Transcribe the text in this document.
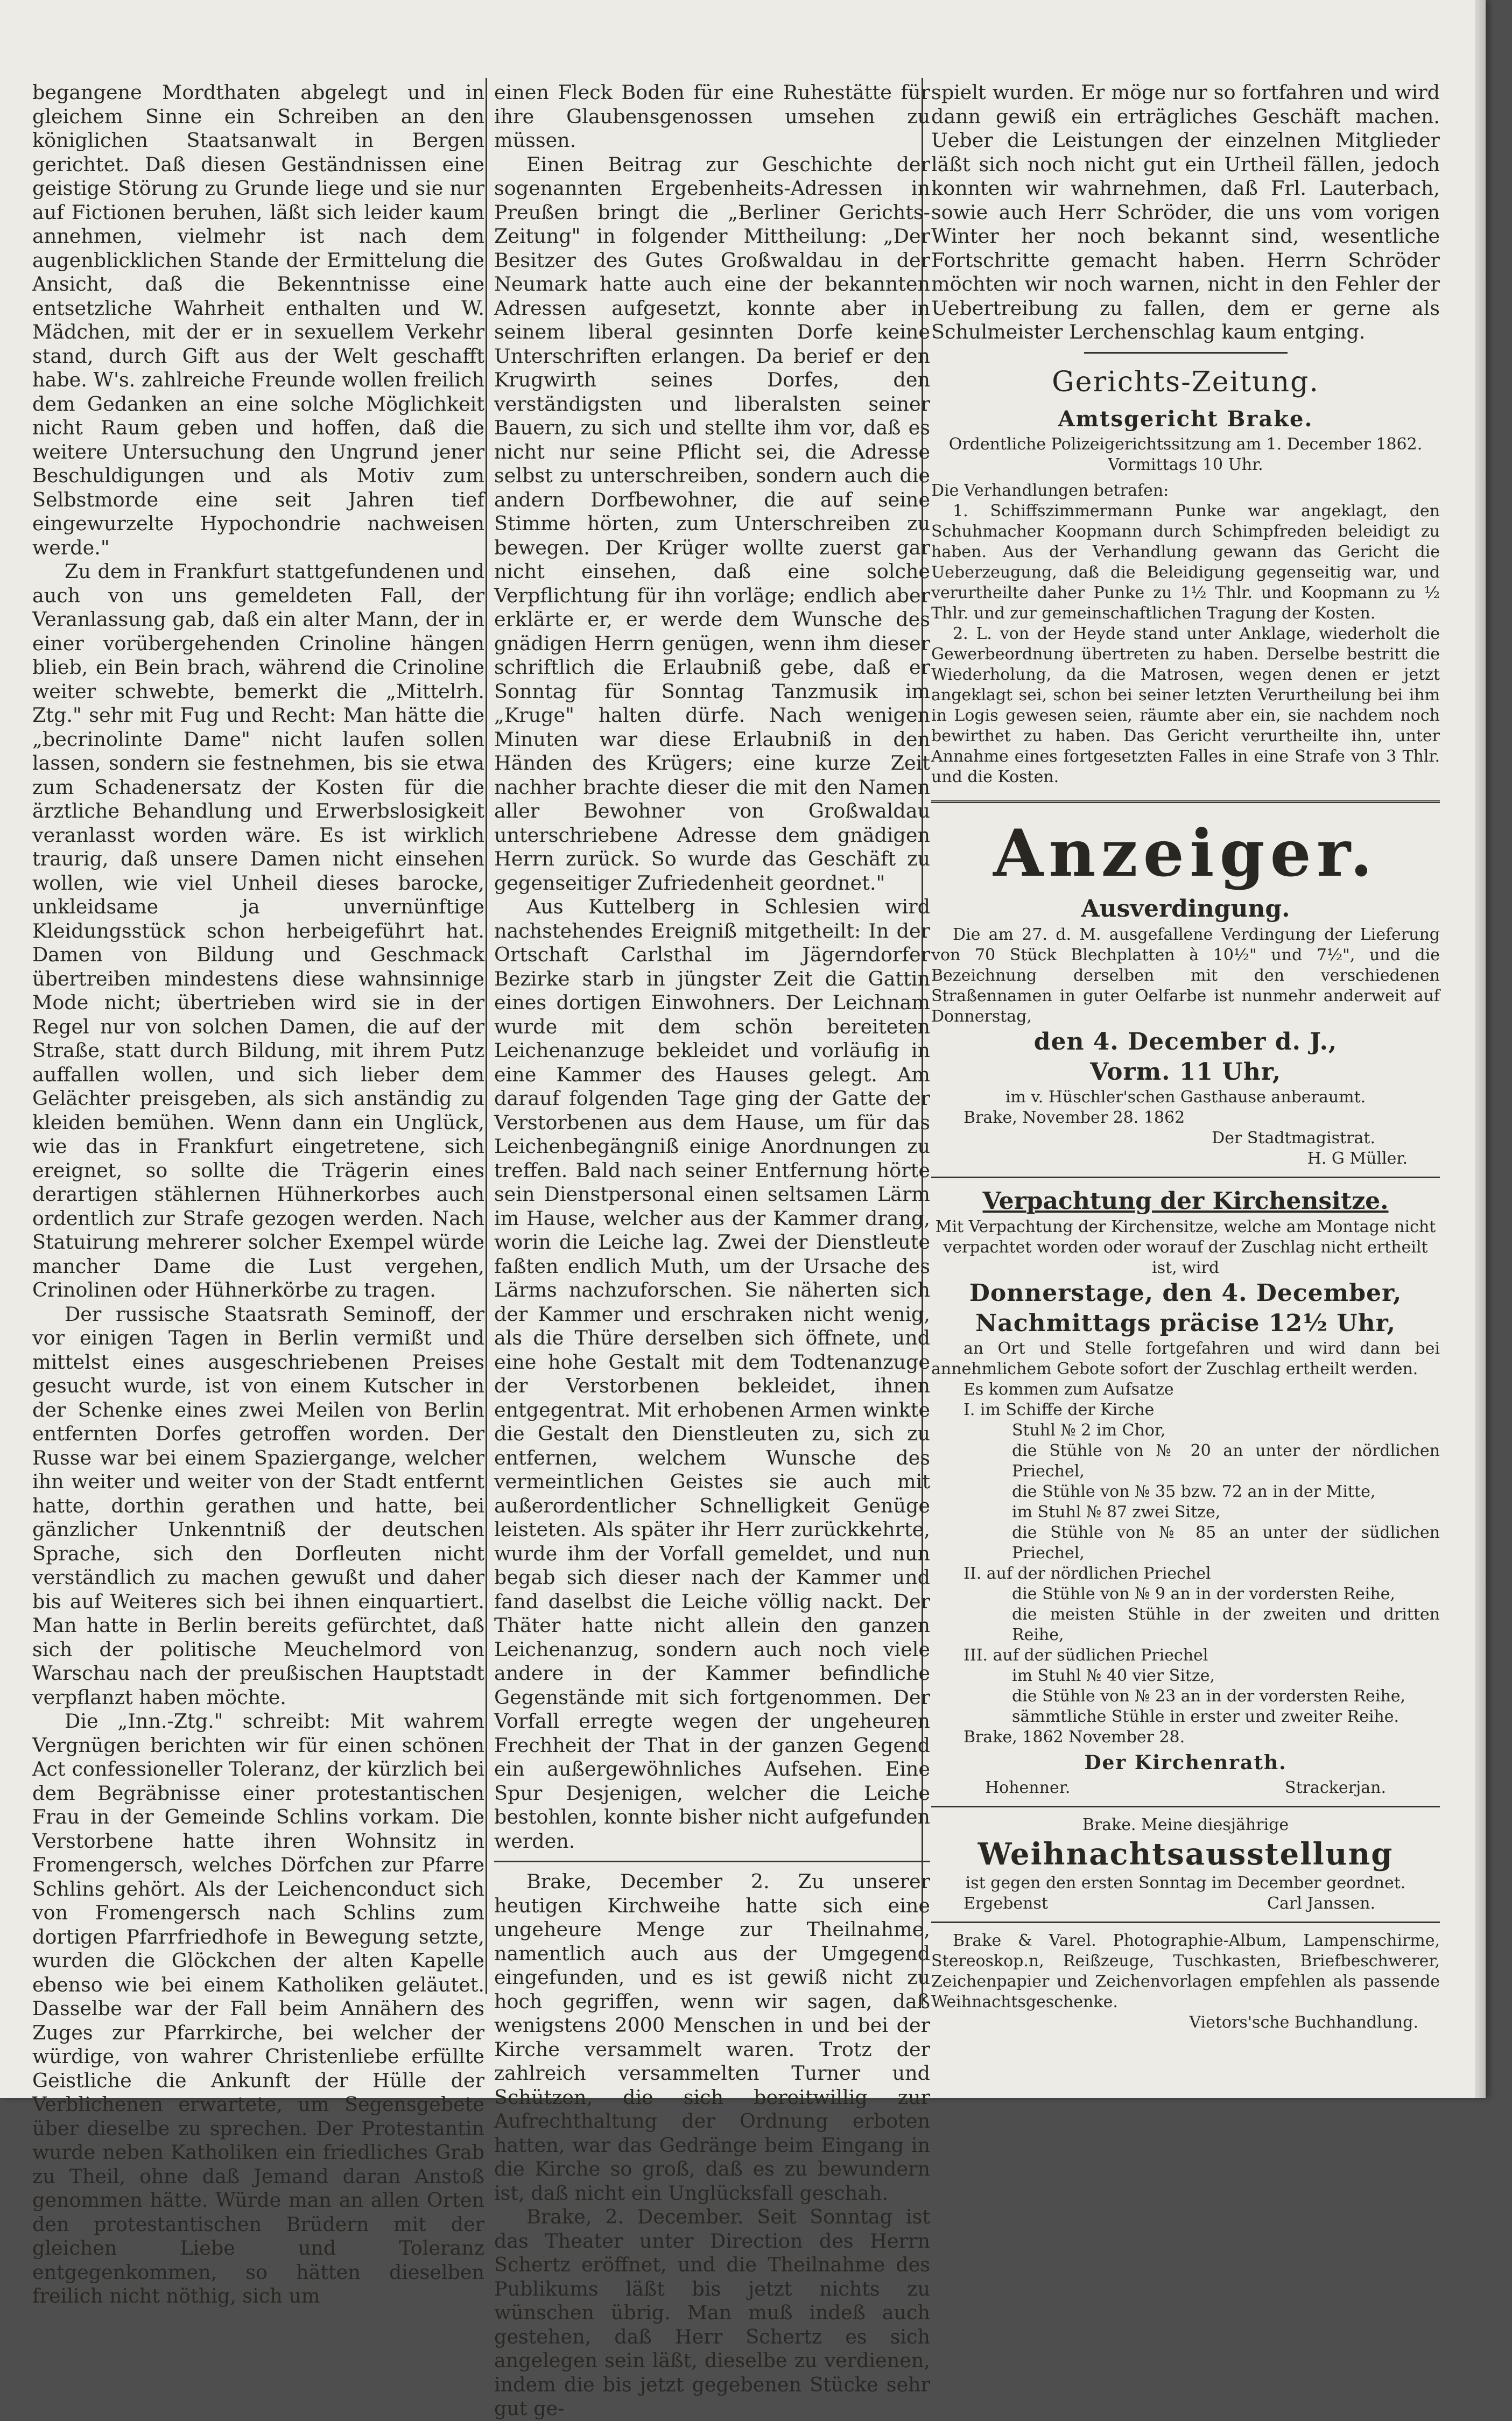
begangene Mordthaten abgelegt und in gleichem Sinne ein Schreiben an den königlichen Staatsanwalt in Bergen gerichtet. Daß diesen Geständnissen eine geistige Störung zu Grunde liege und sie nur auf Fictionen beruhen, läßt sich leider kaum annehmen, vielmehr ist nach dem augenblicklichen Stande der Ermittelung die Ansicht, daß die Bekenntnisse eine entsetzliche Wahrheit enthalten und W. Mädchen, mit der er in sexuellem Verkehr stand, durch Gift aus der Welt geschafft habe. W's. zahlreiche Freunde wollen freilich dem Gedanken an eine solche Möglichkeit nicht Raum geben und hoffen, daß die weitere Untersuchung den Ungrund jener Beschuldigungen und als Motiv zum Selbstmorde eine seit Jahren tief eingewurzelte Hypochondrie nachweisen werde."

Zu dem in Frankfurt stattgefundenen und auch von uns gemeldeten Fall, der Veranlassung gab, daß ein alter Mann, der in einer vorübergehenden Crinoline hängen blieb, ein Bein brach, während die Crinoline weiter schwebte, bemerkt die „Mittelrh. Ztg." sehr mit Fug und Recht: Man hätte die „becrinolinte Dame" nicht laufen sollen lassen, sondern sie festnehmen, bis sie etwa zum Schadenersatz der Kosten für die ärztliche Behandlung und Erwerbslosigkeit veranlasst worden wäre. Es ist wirklich traurig, daß unsere Damen nicht einsehen wollen, wie viel Unheil dieses barocke, unkleidsame ja unvernünftige Kleidungsstück schon herbeigeführt hat. Damen von Bildung und Geschmack übertreiben mindestens diese wahnsinnige Mode nicht; übertrieben wird sie in der Regel nur von solchen Damen, die auf der Straße, statt durch Bildung, mit ihrem Putz auffallen wollen, und sich lieber dem Gelächter preisgeben, als sich anständig zu kleiden bemühen. Wenn dann ein Unglück, wie das in Frankfurt eingetretene, sich ereignet, so sollte die Trägerin eines derartigen stählernen Hühnerkorbes auch ordentlich zur Strafe gezogen werden. Nach Statuirung mehrerer solcher Exempel würde mancher Dame die Lust vergehen, Crinolinen oder Hühnerkörbe zu tragen.

Der russische Staatsrath Seminoff, der vor einigen Tagen in Berlin vermißt und mittelst eines ausgeschriebenen Preises gesucht wurde, ist von einem Kutscher in der Schenke eines zwei Meilen von Berlin entfernten Dorfes getroffen worden. Der Russe war bei einem Spaziergange, welcher ihn weiter und weiter von der Stadt entfernt hatte, dorthin gerathen und hatte, bei gänzlicher Unkenntniß der deutschen Sprache, sich den Dorfleuten nicht verständlich zu machen gewußt und daher bis auf Weiteres sich bei ihnen einquartiert. Man hatte in Berlin bereits gefürchtet, daß sich der politische Meuchelmord von Warschau nach der preußischen Hauptstadt verpflanzt haben möchte.

Die „Inn.-Ztg." schreibt: Mit wahrem Vergnügen berichten wir für einen schönen Act confessioneller Toleranz, der kürzlich bei dem Begräbnisse einer protestantischen Frau in der Gemeinde Schlins vorkam. Die Verstorbene hatte ihren Wohnsitz in Fromengersch, welches Dörfchen zur Pfarre Schlins gehört. Als der Leichenconduct sich von Fromengersch nach Schlins zum dortigen Pfarrfriedhofe in Bewegung setzte, wurden die Glöckchen der alten Kapelle ebenso wie bei einem Katholiken geläutet. Dasselbe war der Fall beim Annähern des Zuges zur Pfarrkirche, bei welcher der würdige, von wahrer Christenliebe erfüllte Geistliche die Ankunft der Hülle der Verblichenen erwartete, um Segensgebete über dieselbe zu sprechen. Der Protestantin wurde neben Katholiken ein friedliches Grab zu Theil, ohne daß Jemand daran Anstoß genommen hätte. Würde man an allen Orten den protestantischen Brüdern mit der gleichen Liebe und Toleranz entgegenkommen, so hätten dieselben freilich nicht nöthig, sich um

einen Fleck Boden für eine Ruhestätte für ihre Glaubensgenossen umsehen zu müssen.

Einen Beitrag zur Geschichte der sogenannten Ergebenheits-Adressen in Preußen bringt die „Berliner Gerichts-Zeitung" in folgender Mittheilung: „Der Besitzer des Gutes Großwaldau in der Neumark hatte auch eine der bekannten Adressen aufgesetzt, konnte aber in seinem liberal gesinnten Dorfe keine Unterschriften erlangen. Da berief er den Krugwirth seines Dorfes, den verständigsten und liberalsten seiner Bauern, zu sich und stellte ihm vor, daß es nicht nur seine Pflicht sei, die Adresse selbst zu unterschreiben, sondern auch die andern Dorfbewohner, die auf seine Stimme hörten, zum Unterschreiben zu bewegen. Der Krüger wollte zuerst gar nicht einsehen, daß eine solche Verpflichtung für ihn vorläge; endlich aber erklärte er, er werde dem Wunsche des gnädigen Herrn genügen, wenn ihm dieser schriftlich die Erlaubniß gebe, daß er Sonntag für Sonntag Tanzmusik im „Kruge" halten dürfe. Nach wenigen Minuten war diese Erlaubniß in den Händen des Krügers; eine kurze Zeit nachher brachte dieser die mit den Namen aller Bewohner von Großwaldau unterschriebene Adresse dem gnädigen Herrn zurück. So wurde das Geschäft zu gegenseitiger Zufriedenheit geordnet."

Aus Kuttelberg in Schlesien wird nachstehendes Ereigniß mitgetheilt: In der Ortschaft Carlsthal im Jägerndorfer Bezirke starb in jüngster Zeit die Gattin eines dortigen Einwohners. Der Leichnam wurde mit dem schön bereiteten Leichenanzuge bekleidet und vorläufig in eine Kammer des Hauses gelegt. Am darauf folgenden Tage ging der Gatte der Verstorbenen aus dem Hause, um für das Leichenbegängniß einige Anordnungen zu treffen. Bald nach seiner Entfernung hörte sein Dienstpersonal einen seltsamen Lärm im Hause, welcher aus der Kammer drang, worin die Leiche lag. Zwei der Dienstleute faßten endlich Muth, um der Ursache des Lärms nachzuforschen. Sie näherten sich der Kammer und erschraken nicht wenig, als die Thüre derselben sich öffnete, und eine hohe Gestalt mit dem Todtenanzuge der Verstorbenen bekleidet, ihnen entgegentrat. Mit erhobenen Armen winkte die Gestalt den Dienstleuten zu, sich zu entfernen, welchem Wunsche des vermeintlichen Geistes sie auch mit außerordentlicher Schnelligkeit Genüge leisteten. Als später ihr Herr zurückkehrte, wurde ihm der Vorfall gemeldet, und nun begab sich dieser nach der Kammer und fand daselbst die Leiche völlig nackt. Der Thäter hatte nicht allein den ganzen Leichenanzug, sondern auch noch viele andere in der Kammer befindliche Gegenstände mit sich fortgenommen. Der Vorfall erregte wegen der ungeheuren Frechheit der That in der ganzen Gegend ein außergewöhnliches Aufsehen. Eine Spur Desjenigen, welcher die Leiche bestohlen, konnte bisher nicht aufgefunden werden.

Brake, December 2. Zu unserer heutigen Kirchweihe hatte sich eine ungeheure Menge zur Theilnahme, namentlich auch aus der Umgegend eingefunden, und es ist gewiß nicht zu hoch gegriffen, wenn wir sagen, daß wenigstens 2000 Menschen in und bei der Kirche versammelt waren. Trotz der zahlreich versammelten Turner und Schützen, die sich bereitwillig zur Aufrechthaltung der Ordnung erboten hatten, war das Gedränge beim Eingang in die Kirche so groß, daß es zu bewundern ist, daß nicht ein Unglücksfall geschah.

Brake, 2. December. Seit Sonntag ist das Theater unter Direction des Herrn Schertz eröffnet, und die Theilnahme des Publikums läßt bis jetzt nichts zu wünschen übrig. Man muß indeß auch gestehen, daß Herr Schertz es sich angelegen sein läßt, dieselbe zu verdienen, indem die bis jetzt gegebenen Stücke sehr gut ge-

spielt wurden. Er möge nur so fortfahren und wird dann gewiß ein erträgliches Geschäft machen. Ueber die Leistungen der einzelnen Mitglieder läßt sich noch nicht gut ein Urtheil fällen, jedoch konnten wir wahrnehmen, daß Frl. Lauterbach, sowie auch Herr Schröder, die uns vom vorigen Winter her noch bekannt sind, wesentliche Fortschritte gemacht haben. Herrn Schröder möchten wir noch warnen, nicht in den Fehler der Uebertreibung zu fallen, dem er gerne als Schulmeister Lerchenschlag kaum entging.

Gerichts-Zeitung.
Amtsgericht Brake.
Ordentliche Polizeigerichtssitzung am 1. December 1862.
Vormittags 10 Uhr.
Die Verhandlungen betrafen:

1. Schiffszimmermann Punke war angeklagt, den Schuhmacher Koopmann durch Schimpfreden beleidigt zu haben. Aus der Verhandlung gewann das Gericht die Ueberzeugung, daß die Beleidigung gegenseitig war, und verurtheilte daher Punke zu 1½ Thlr. und Koopmann zu ½ Thlr. und zur gemeinschaftlichen Tragung der Kosten.

2. L. von der Heyde stand unter Anklage, wiederholt die Gewerbeordnung übertreten zu haben. Derselbe bestritt die Wiederholung, da die Matrosen, wegen denen er jetzt angeklagt sei, schon bei seiner letzten Verurtheilung bei ihm in Logis gewesen seien, räumte aber ein, sie nachdem noch bewirthet zu haben. Das Gericht verurtheilte ihn, unter Annahme eines fortgesetzten Falles in eine Strafe von 3 Thlr. und die Kosten.

Anzeiger.
Ausverdingung.

Die am 27. d. M. ausgefallene Verdingung der Lieferung von 70 Stück Blechplatten à 10½" und 7½", und die Bezeichnung derselben mit den verschiedenen Straßennamen in guter Oelfarbe ist nunmehr anderweit auf Donnerstag,

den 4. December d. J.,
Vorm. 11 Uhr,
im v. Hüschler'schen Gasthause anberaumt.
Brake, November 28. 1862
Der Stadtmagistrat.
H. G Müller.
Verpachtung der Kirchensitze.

Mit Verpachtung der Kirchensitze, welche am Montage nicht verpachtet worden oder worauf der Zuschlag nicht ertheilt ist, wird

Donnerstage, den 4. December,
Nachmittags präcise 12½ Uhr,

an Ort und Stelle fortgefahren und wird dann bei annehmlichem Gebote sofort der Zuschlag ertheilt werden.

Es kommen zum Aufsatze
I. im Schiffe der Kirche
Stuhl № 2 im Chor,
die Stühle von № 20 an unter der nördlichen Priechel,
die Stühle von № 35 bzw. 72 an in der Mitte,
im Stuhl № 87 zwei Sitze,
die Stühle von № 85 an unter der südlichen Priechel,
II. auf der nördlichen Priechel
die Stühle von № 9 an in der vordersten Reihe,
die meisten Stühle in der zweiten und dritten Reihe,
III. auf der südlichen Priechel
im Stuhl № 40 vier Sitze,
die Stühle von № 23 an in der vordersten Reihe,
sämmtliche Stühle in erster und zweiter Reihe.
Brake, 1862 November 28.
Der Kirchenrath.
Hohenner.	Strackerjan.
Brake. Meine diesjährige
Weihnachtsausstellung
ist gegen den ersten Sonntag im December geordnet.
Ergebenst	Carl Janssen.

Brake & Varel. Photographie-Album, Lampenschirme, Stereoskop.n, Reißzeuge, Tuschkasten, Briefbeschwerer, Zeichenpapier und Zeichenvorlagen empfehlen als passende Weihnachtsgeschenke.

Vietors'sche Buchhandlung.
